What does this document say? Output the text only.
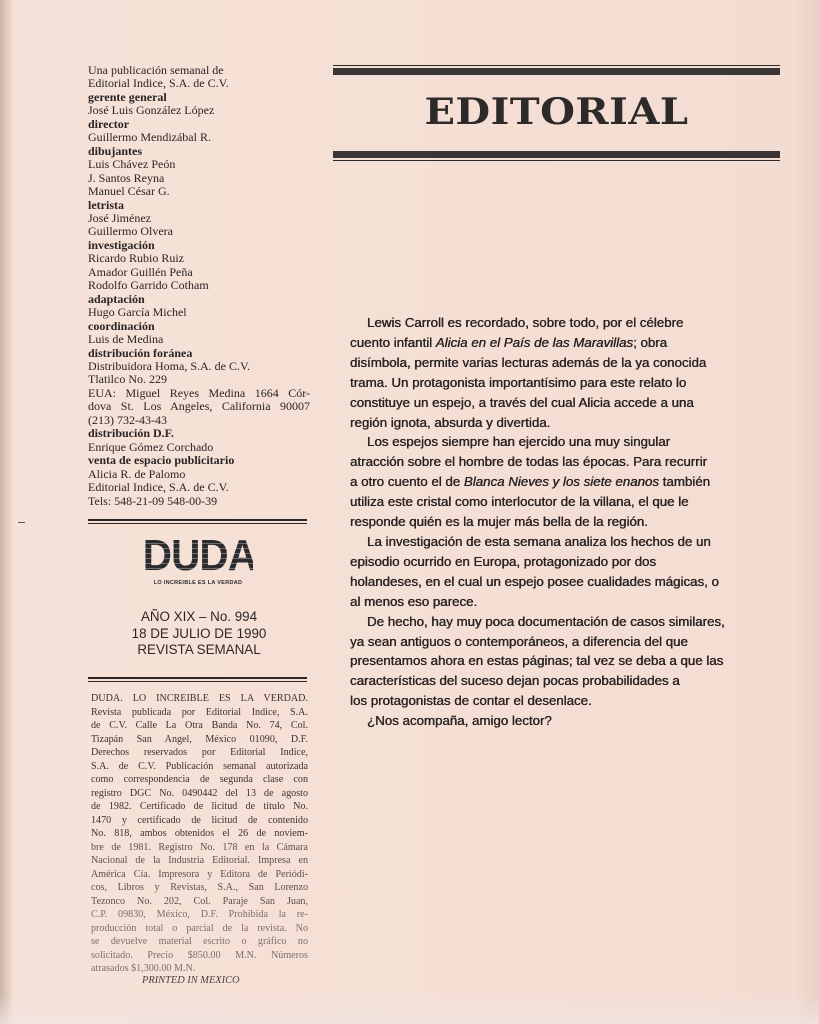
Una publicación semanal de
Editorial Indice, S.A. de C.V.
gerente general
José Luis González López
director
Guillermo Mendizábal R.
dibujantes
Luis Chávez Peón
J. Santos Reyna
Manuel César G.
letrista
José Jiménez
Guillermo Olvera
investigación
Ricardo Rubio Ruiz
Amador Guillén Peña
Rodolfo Garrido Cotham
adaptación
Hugo García Michel
coordinación
Luis de Medina
distribución foránea
Distribuidora Homa, S.A. de C.V.
Tlatilco No. 229
EUA: Miguel Reyes Medina 1664 Cór-
dova St. Los Angeles, California 90007
(213) 732-43-43
distribución D.F.
Enrique Gómez Corchado
venta de espacio publicitario
Alicia R. de Palomo
Editorial Indice, S.A. de C.V.
Tels: 548-21-09 548-00-39
DUDA
LO INCREIBLE ES LA VERDAD
AÑO XIX – No. 994
18 DE JULIO DE 1990
REVISTA SEMANAL
DUDA. LO INCREIBLE ES LA VERDAD.
Revista publicada por Editorial Indice, S.A.
de C.V. Calle La Otra Banda No. 74, Col.
Tizapán San Angel, México 01090, D.F.
Derechos reservados por Editorial Indice,
S.A. de C.V. Publicación semanal autorizada
como correspondencia de segunda clase con
registro DGC No. 0490442 del 13 de agosto
de 1982. Certificado de licitud de título No.
1470 y certificado de licitud de contenido
No. 818, ambos obtenidos el 26 de noviem-
bre de 1981. Registro No. 178 en la Cámara
Nacional de la Industria Editorial. Impresa en
América Cía. Impresora y Editora de Periódi-
cos, Libros y Revistas, S.A., San Lorenzo
Tezonco No. 202, Col. Paraje San Juan,
C.P. 09830, México, D.F. Prohibida la re-
producción total o parcial de la revista. No
se devuelve material escrito o gráfico no
solicitado. Precio $850.00 M.N. Números
atrasados $1,300.00 M.N.
PRINTED IN MEXICO
EDITORIAL
Lewis Carroll es recordado, sobre todo, por el célebre
cuento infantil Alicia en el País de las Maravillas; obra
disímbola, permite varias lecturas además de la ya conocida
trama. Un protagonista importantísimo para este relato lo
constituye un espejo, a través del cual Alicia accede a una
región ignota, absurda y divertida.
Los espejos siempre han ejercido una muy singular
atracción sobre el hombre de todas las épocas. Para recurrir
a otro cuento el de Blanca Nieves y los siete enanos también
utiliza este cristal como interlocutor de la villana, el que le
responde quién es la mujer más bella de la región.
La investigación de esta semana analiza los hechos de un
episodio ocurrido en Europa, protagonizado por dos
holandeses, en el cual un espejo posee cualidades mágicas, o
al menos eso parece.
De hecho, hay muy poca documentación de casos similares,
ya sean antiguos o contemporáneos, a diferencia del que
presentamos ahora en estas páginas; tal vez se deba a que las
características del suceso dejan pocas probabilidades a
los protagonistas de contar el desenlace.
¿Nos acompaña, amigo lector?
